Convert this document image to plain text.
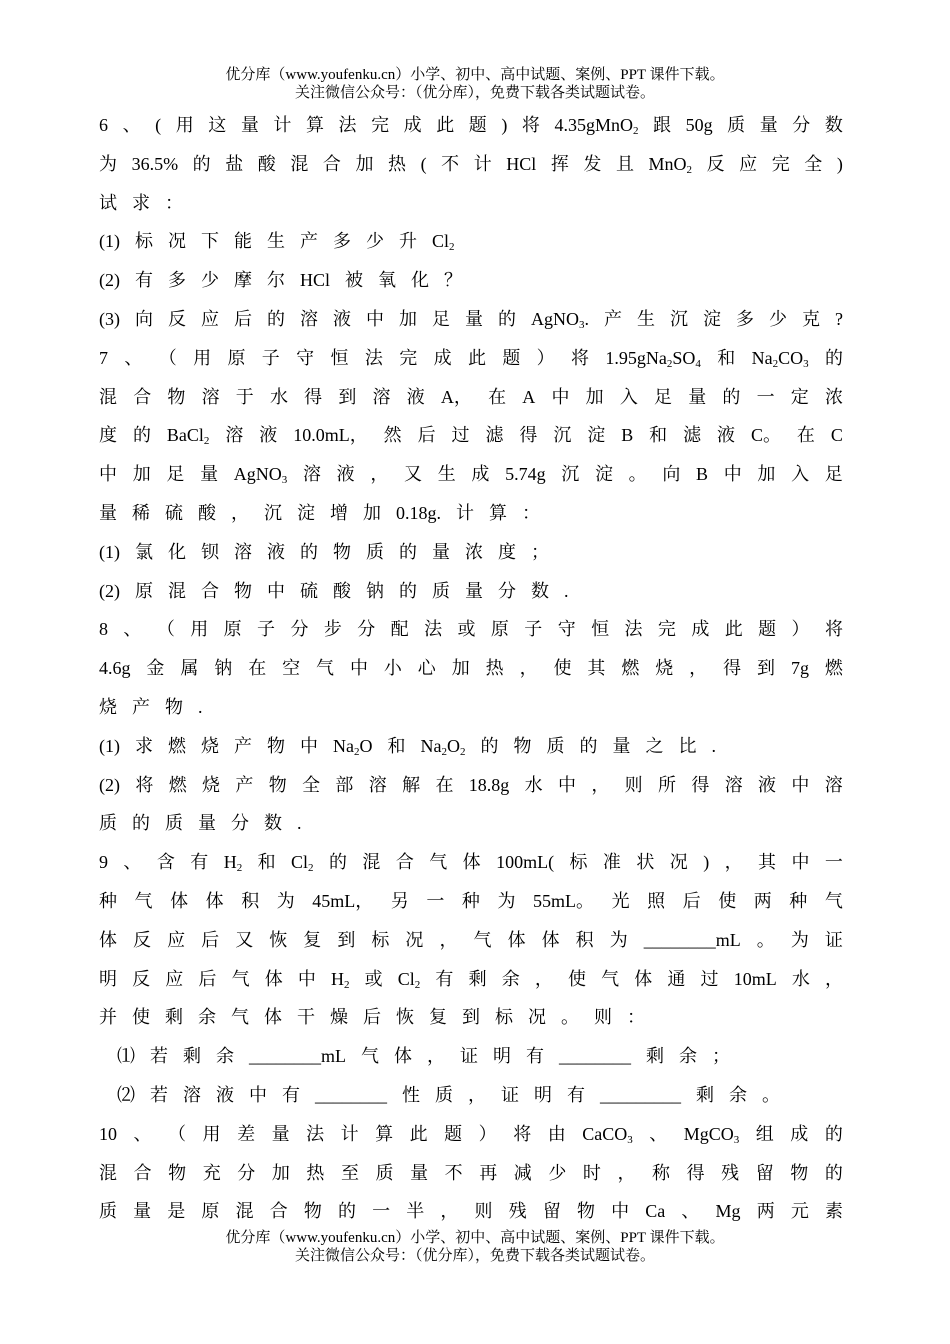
优分库（www.youfenku.cn）小学、初中、高中试题、案例、PPT 课件下载。
关注微信公众号：（优分库），免费下载各类试题试卷。
6 、 ( 用 这 量 计 算 法 完 成 此 题 ) 将 4.35gMnO$_2$ 跟 50g 质 量 分 数
为 36.5% 的 盐 酸 混 合 加 热 ( 不 计 HCl 挥 发 且 MnO$_2$ 反 应 完 全 )
试 求 ：
(1) 标 况 下 能 生 产 多 少 升 $Cl_2$
(2) 有 多 少 摩 尔 HCl 被 氧 化 ？
(3) 向 反 应 后 的 溶 液 中 加 足 量 的 AgNO$_3$. 产 生 沉 淀 多 少 克 ?
7 、 （ 用 原 子 守 恒 法 完 成 此 题 ） 将 $1.95gNa_2SO_4$ 和 $Na_2CO_3$ 的
混 合 物 溶 于 水 得 到 溶 液 A， 在 A 中 加 入 足 量 的 一 定 浓
度 的 BaCl$_2$ 溶 液 10.0mL， 然 后 过 滤 得 沉 淀 B 和 滤 液 C。 在 C
中 加 足 量 AgNO$_3$ 溶 液 ， 又 生 成 5.74g 沉 淀 。 向 B 中 加 入 足
量 稀 硫 酸 ， 沉 淀 增 加 0.18g. 计 算 ：
(1) 氯 化 钡 溶 液 的 物 质 的 量 浓 度 ；
(2) 原 混 合 物 中 硫 酸 钠 的 质 量 分 数 .
8 、 （ 用 原 子 分 步 分 配 法 或 原 子 守 恒 法 完 成 此 题 ） 将
4.6g 金 属 钠 在 空 气 中 小 心 加 热 ， 使 其 燃 烧 ， 得 到 7g 燃
烧 产 物 .
(1) 求 燃 烧 产 物 中 $Na_2O$ 和 $Na_2O_2$ 的 物 质 的 量 之 比 .
(2) 将 燃 烧 产 物 全 部 溶 解 在 18.8g 水 中 ， 则 所 得 溶 液 中 溶
质 的 质 量 分 数 .
9 、 含 有 $H_2$ 和 $Cl_2$ 的 混 合 气 体 100mL( 标 准 状 况 ) ， 其 中 一
种 气 体 体 积 为 45mL， 另 一 种 为 55mL。 光 照 后 使 两 种 气
体 反 应 后 又 恢 复 到 标 况 ， 气 体 体 积 为 ________mL 。 为 证
明 反 应 后 气 体 中 $H_2$ 或 $Cl_2$ 有 剩 余 ， 使 气 体 通 过 10mL 水 ，
并 使 剩 余 气 体 干 燥 后 恢 复 到 标 况 。 则 ：
⑴ 若 剩 余 ________mL 气 体 ， 证 明 有 ________ 剩 余 ；
⑵ 若 溶 液 中 有 ________ 性 质 ， 证 明 有 _________ 剩 余 。
10 、 （ 用 差 量 法 计 算 此 题 ） 将 由 CaCO$_3$ 、 MgCO$_3$ 组 成 的
混 合 物 充 分 加 热 至 质 量 不 再 减 少 时 ， 称 得 残 留 物 的
质 量 是 原 混 合 物 的 一 半 ， 则 残 留 物 中 Ca 、 Mg 两 元 素
优分库（www.youfenku.cn）小学、初中、高中试题、案例、PPT 课件下载。
关注微信公众号：（优分库），免费下载各类试题试卷。
